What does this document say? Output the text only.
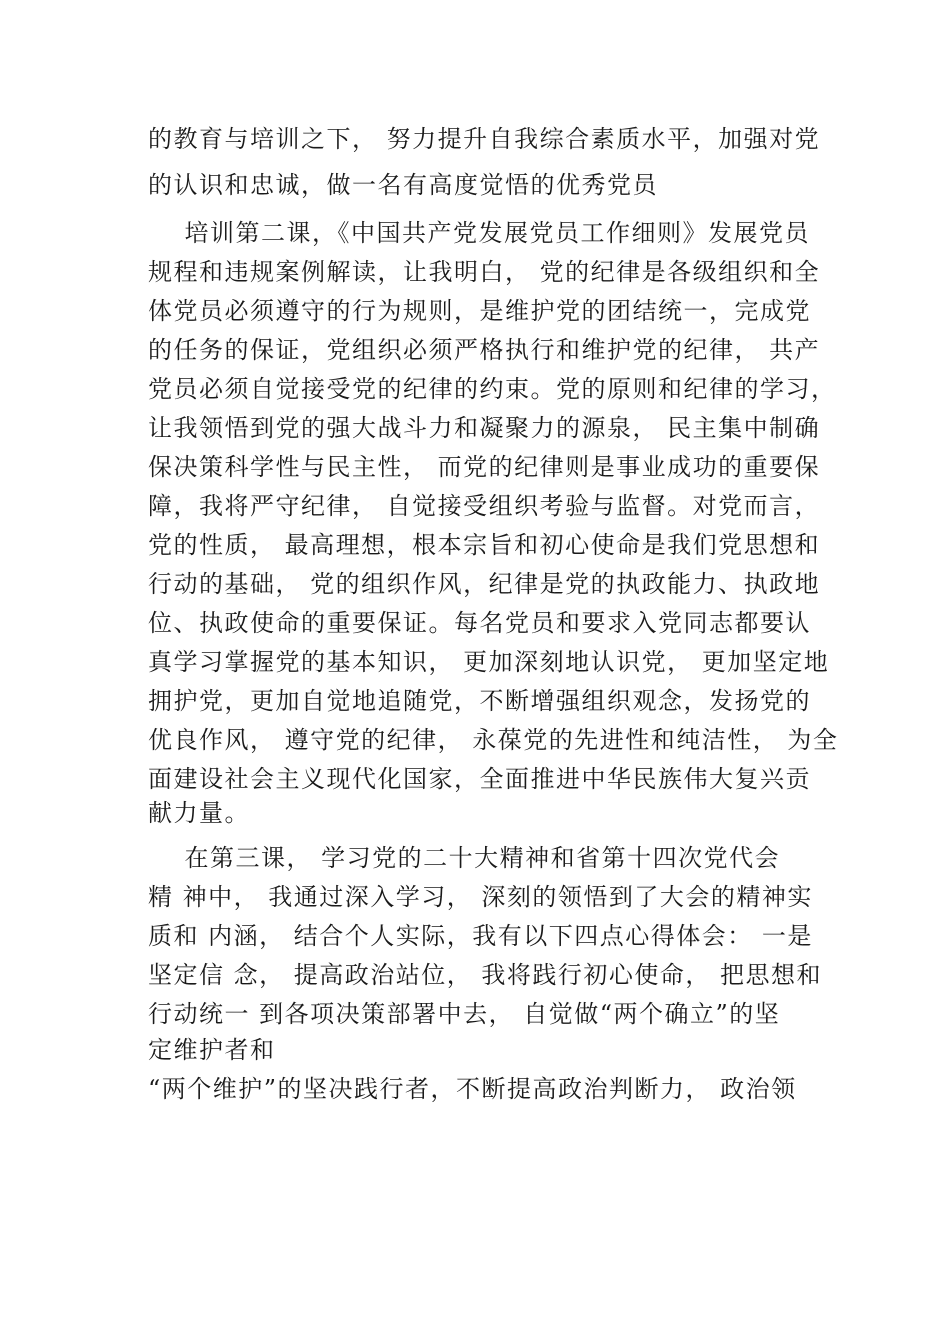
的教育与培训之下， 努力提升自我综合素质水平，加强对党
的认识和忠诚，做一名有高度觉悟的优秀党员
培训第二课，《中国共产党发展党员工作细则》发展党员
规程和违规案例解读，让我明白， 党的纪律是各级组织和全
体党员必须遵守的行为规则，是维护党的团结统一，完成党
的任务的保证，党组织必须严格执行和维护党的纪律， 共产
党员必须自觉接受党的纪律的约束。党的原则和纪律的学习，
让我领悟到党的强大战斗力和凝聚力的源泉， 民主集中制确
保决策科学性与民主性， 而党的纪律则是事业成功的重要保
障，我将严守纪律， 自觉接受组织考验与监督。对党而言，
党的性质， 最高理想，根本宗旨和初心使命是我们党思想和
行动的基础， 党的组织作风，纪律是党的执政能力、执政地
位、执政使命的重要保证。每名党员和要求入党同志都要认
真学习掌握党的基本知识， 更加深刻地认识党， 更加坚定地
拥护党，更加自觉地追随党，不断增强组织观念，发扬党的
优良作风， 遵守党的纪律， 永葆党的先进性和纯洁性， 为全
面建设社会主义现代化国家，全面推进中华民族伟大复兴贡
献力量。
在第三课， 学习党的二十大精神和省第十四次党代会
精 神中， 我通过深入学习， 深刻的领悟到了大会的精神实
质和 内涵， 结合个人实际，我有以下四点心得体会： 一是
坚定信 念， 提高政治站位， 我将践行初心使命， 把思想和
行动统一 到各项决策部署中去， 自觉做“两个确立”的坚
定维护者和
“两个维护”的坚决践行者，不断提高政治判断力， 政治领
